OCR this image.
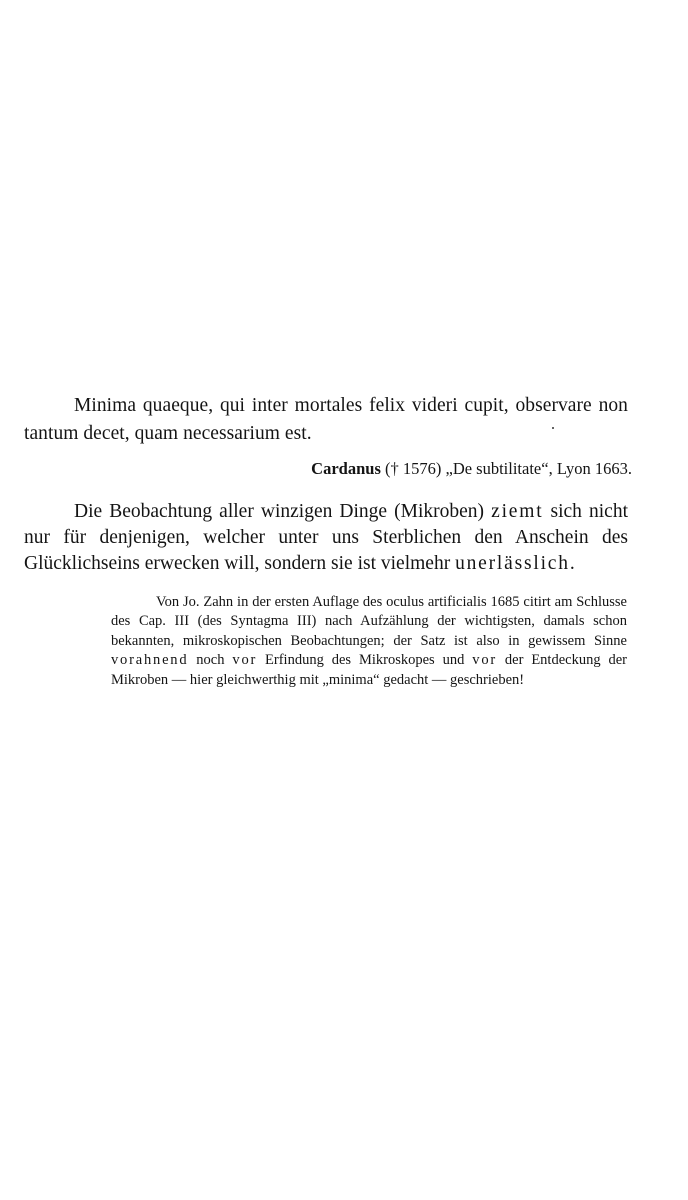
Minima quaeque, qui inter mortales felix videri cupit, observare non tantum decet, quam necessarium est.

Cardanus († 1576) „De subtilitate“, Lyon 1663.

Die Beobachtung aller winzigen Dinge (Mikroben) ziemt sich nicht nur für denjenigen, welcher unter uns Sterblichen den Anschein des Glücklichseins erwecken will, sondern sie ist vielmehr unerlässlich.

Von Jo. Zahn in der ersten Auflage des oculus artificialis 1685 citirt am Schlusse des Cap. III (des Syntagma III) nach Aufzählung der wichtigsten, damals schon bekannten, mikroskopischen Beobachtungen; der Satz ist also in gewissem Sinne vorahnend noch vor Erfindung des Mikroskopes und vor der Entdeckung der Mikroben — hier gleichwerthig mit „minima“ gedacht — geschrieben!
